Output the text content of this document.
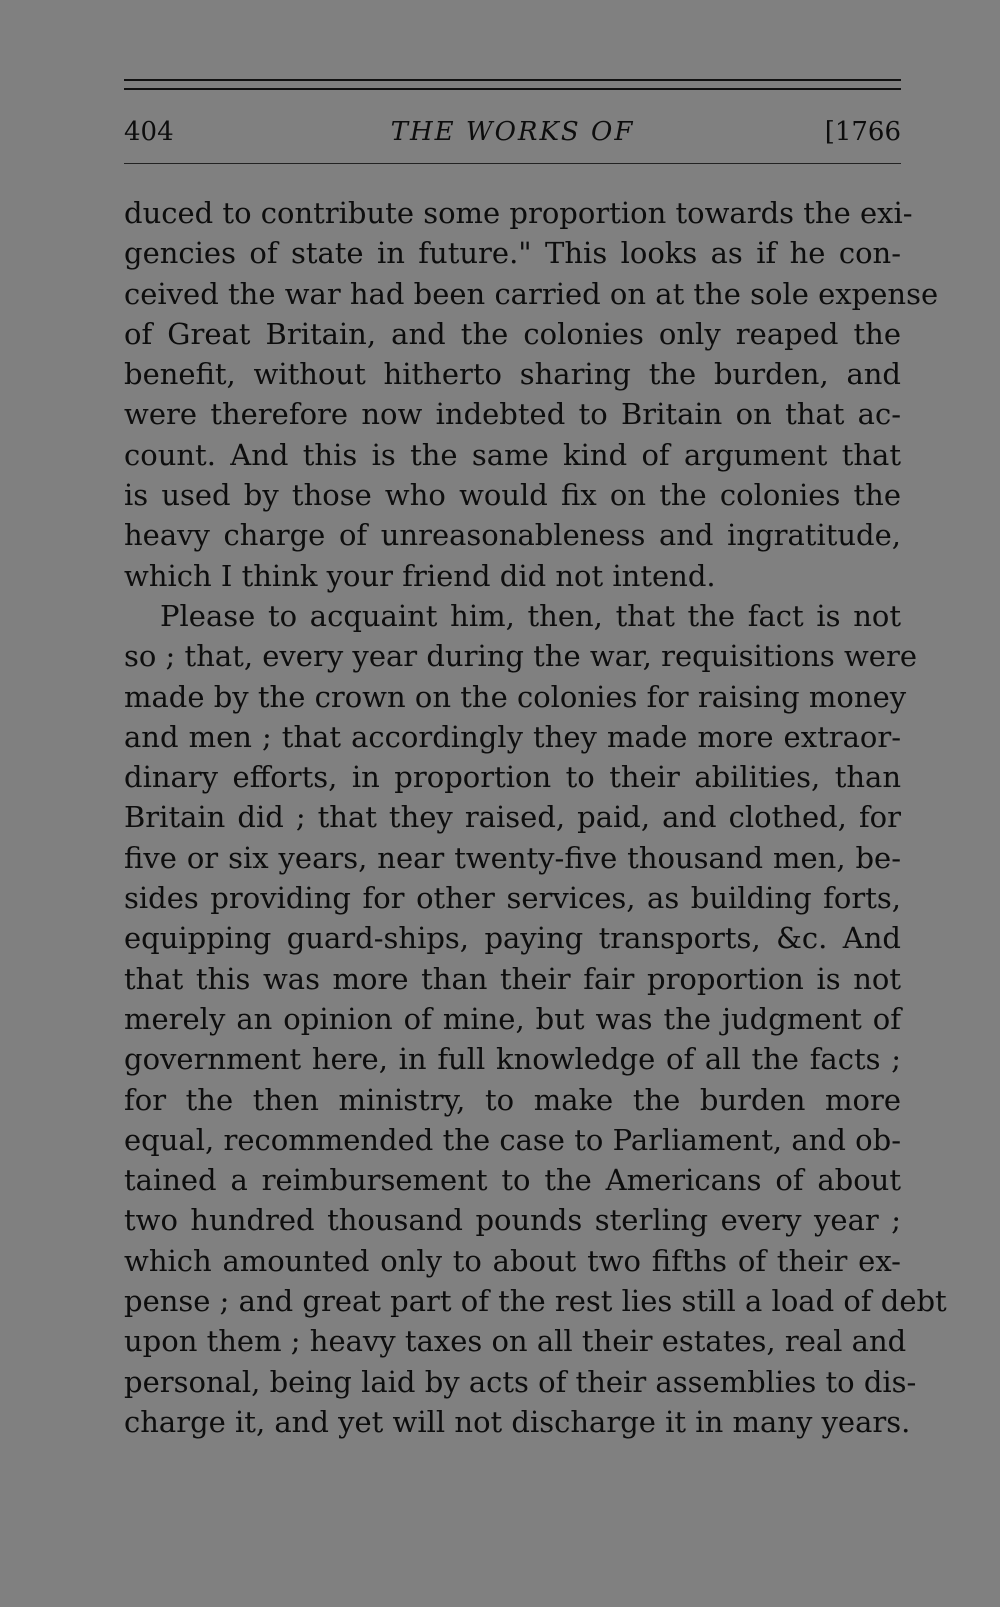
404	THE WORKS OF	[1766
duced to contribute some proportion towards the exi-
gencies of state in future." This looks as if he con-
ceived the war had been carried on at the sole expense
of Great Britain, and the colonies only reaped the
benefit, without hitherto sharing the burden, and
were therefore now indebted to Britain on that ac-
count. And this is the same kind of argument that
is used by those who would fix on the colonies the
heavy charge of unreasonableness and ingratitude,
which I think your friend did not intend.
Please to acquaint him, then, that the fact is not
so ; that, every year during the war, requisitions were
made by the crown on the colonies for raising money
and men ; that accordingly they made more extraor-
dinary efforts, in proportion to their abilities, than
Britain did ; that they raised, paid, and clothed, for
five or six years, near twenty-five thousand men, be-
sides providing for other services, as building forts,
equipping guard-ships, paying transports, &c. And
that this was more than their fair proportion is not
merely an opinion of mine, but was the judgment of
government here, in full knowledge of all the facts ;
for the then ministry, to make the burden more
equal, recommended the case to Parliament, and ob-
tained a reimbursement to the Americans of about
two hundred thousand pounds sterling every year ;
which amounted only to about two fifths of their ex-
pense ; and great part of the rest lies still a load of debt
upon them ; heavy taxes on all their estates, real and
personal, being laid by acts of their assemblies to dis-
charge it, and yet will not discharge it in many years.
